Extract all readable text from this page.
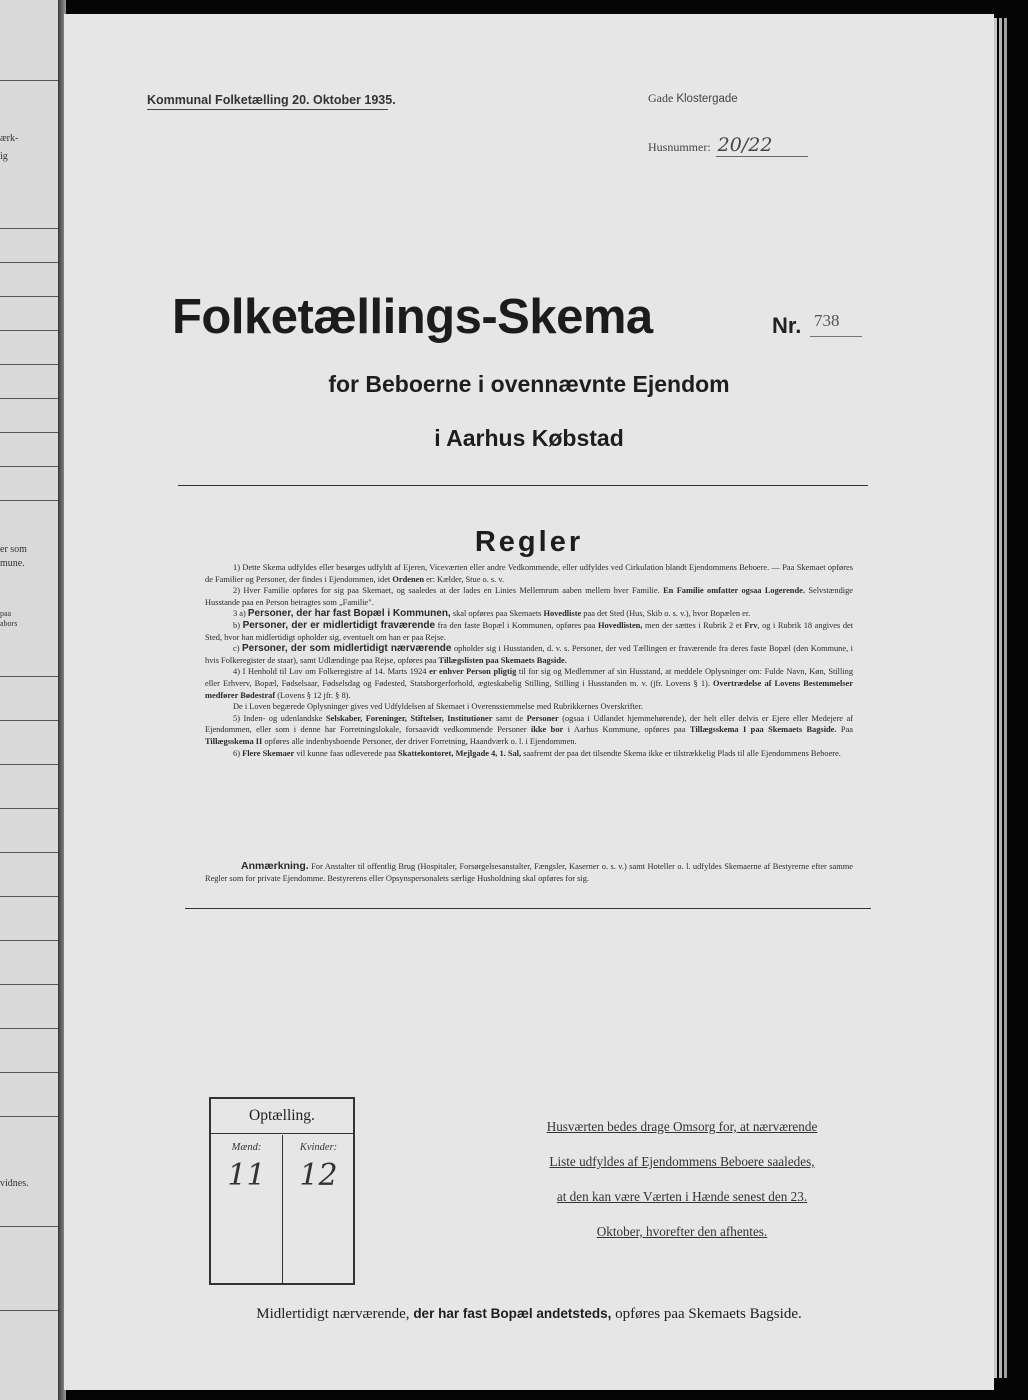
ærk-
ig
er som
mune.
paa
abors
vidnes.
Kommunal Folketælling 20. Oktober 1935.	Gade Klostergade
Husnummer: 20/22
Folketællings-Skema	Nr. 738
for Beboerne i ovennævnte Ejendom
i Aarhus Købstad
Regler

1) Dette Skema udfyldes eller besørges udfyldt af Ejeren, Viceværten eller andre Vedkommende, eller udfyldes ved Cirkulation blandt Ejendommens Beboere. — Paa Skemaet opføres de Familier og Personer, der findes i Ejendommen, idet Ordenen er: Kælder, Stue o. s. v.

2) Hver Familie opføres for sig paa Skemaet, og saaledes at der lades en Linies Mellemrum aaben mellem hver Familie. En Familie omfatter ogsaa Logerende. Selvstændige Husstande paa en Person betragtes som „Familie".

3 a) Personer, der har fast Bopæl i Kommunen, skal opføres paa Skemaets Hovedliste paa det Sted (Hus, Skib o. s. v.), hvor Bopælen er.

b) Personer, der er midlertidigt fraværende fra den faste Bopæl i Kommunen, opføres paa Hovedlisten, men der sættes i Rubrik 2 et Frv, og i Rubrik 18 angives det Sted, hvor han midlertidigt opholder sig, eventuelt om han er paa Rejse.

c) Personer, der som midlertidigt nærværende opholder sig i Husstanden, d. v. s. Personer, der ved Tællingen er fraværende fra deres faste Bopæl (den Kommune, i hvis Folkeregister de staar), samt Udlændinge paa Rejse, opføres paa Tillægslisten paa Skemaets Bagside.

4) I Henhold til Lov om Folkeregistre af 14. Marts 1924 er enhver Person pligtig til for sig og Medlemmer af sin Husstand, at meddele Oplysninger om: Fulde Navn, Køn, Stilling eller Erhverv, Bopæl, Fødselsaar, Fødselsdag og Fødested, Statsborgerforhold, ægteskabelig Stilling, Stilling i Husstanden m. v. (jfr. Lovens § 1). Overtrædelse af Lovens Bestemmelser medfører Bødestraf (Lovens § 12 jfr. § 8).

De i Loven begærede Oplysninger gives ved Udfyldelsen af Skemaet i Overensstemmelse med Rubrikkernes Overskrifter.

5) Inden- og udenlandske Selskaber, Foreninger, Stiftelser, Institutioner samt de Personer (ogsaa i Udlandet hjemmehørende), der helt eller delvis er Ejere eller Medejere af Ejendommen, eller som i denne har Forretningslokale, forsaavidt vedkommende Personer ikke bor i Aarhus Kommune, opføres paa Tillægsskema I paa Skemaets Bagside. Paa Tillægsskema II opføres alle indenbysboende Personer, der driver Forretning, Haandværk o. l. i Ejendommen.

6) Flere Skemaer vil kunne faas udleverede paa Skattekontoret, Mejlgade 4, 1. Sal, saafremt der paa det tilsendte Skema ikke er tilstrækkelig Plads til alle Ejendommens Beboere.

Anmærkning. For Anstalter til offentlig Brug (Hospitaler, Forsørgelsesanstalter, Fængsler, Kaserner o. s. v.) samt Hoteller o. l. udfyldes Skemaerne af Bestyrerne efter samme Regler som for private Ejendomme. Bestyrerens eller Opsynspersonalets særlige Husholdning skal opføres for sig.

Optælling.
Mænd:
11
Kvinder:
12
Husværten bedes drage Omsorg for, at nærværende
Liste udfyldes af Ejendommens Beboere saaledes,
at den kan være Værten i Hænde senest den 23.
Oktober, hvorefter den afhentes.
Midlertidigt nærværende, der har fast Bopæl andetsteds, opføres paa Skemaets Bagside.
